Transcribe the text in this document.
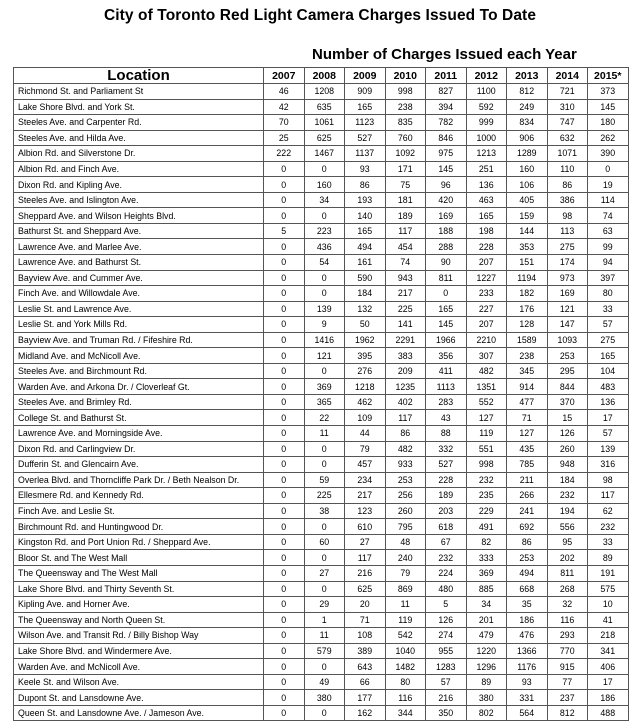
City of Toronto Red Light Camera Charges Issued To Date
Number of Charges Issued each Year
Location	2007	2008	2009	2010	2011	2012	2013	2014	2015*
Richmond St. and Parliament St	46	1208	909	998	827	1100	812	721	373
Lake Shore Blvd. and York St.	42	635	165	238	394	592	249	310	145
Steeles Ave. and Carpenter Rd.	70	1061	1123	835	782	999	834	747	180
Steeles Ave. and Hilda Ave.	25	625	527	760	846	1000	906	632	262
Albion Rd. and Silverstone Dr.	222	1467	1137	1092	975	1213	1289	1071	390
Albion Rd. and Finch Ave.	0	0	93	171	145	251	160	110	0
Dixon Rd. and Kipling Ave.	0	160	86	75	96	136	106	86	19
Steeles Ave. and Islington Ave.	0	34	193	181	420	463	405	386	114
Sheppard Ave. and Wilson Heights Blvd.	0	0	140	189	169	165	159	98	74
Bathurst St. and Sheppard Ave.	5	223	165	117	188	198	144	113	63
Lawrence Ave. and Marlee Ave.	0	436	494	454	288	228	353	275	99
Lawrence Ave. and Bathurst St.	0	54	161	74	90	207	151	174	94
Bayview Ave. and Cummer Ave.	0	0	590	943	811	1227	1194	973	397
Finch Ave. and Willowdale Ave.	0	0	184	217	0	233	182	169	80
Leslie St. and Lawrence Ave.	0	139	132	225	165	227	176	121	33
Leslie St. and York Mills Rd.	0	9	50	141	145	207	128	147	57
Bayview Ave. and Truman Rd. / Fifeshire Rd.	0	1416	1962	2291	1966	2210	1589	1093	275
Midland Ave. and McNicoll Ave.	0	121	395	383	356	307	238	253	165
Steeles Ave. and Birchmount Rd.	0	0	276	209	411	482	345	295	104
Warden Ave. and Arkona Dr. / Cloverleaf Gt.	0	369	1218	1235	1113	1351	914	844	483
Steeles Ave. and Brimley Rd.	0	365	462	402	283	552	477	370	136
College St. and Bathurst St.	0	22	109	117	43	127	71	15	17
Lawrence Ave. and Morningside Ave.	0	11	44	86	88	119	127	126	57
Dixon Rd. and Carlingview Dr.	0	0	79	482	332	551	435	260	139
Dufferin St. and Glencairn Ave.	0	0	457	933	527	998	785	948	316
Overlea Blvd. and Thorncliffe Park Dr. / Beth Nealson Dr.	0	59	234	253	228	232	211	184	98
Ellesmere Rd. and Kennedy Rd.	0	225	217	256	189	235	266	232	117
Finch Ave. and Leslie St.	0	38	123	260	203	229	241	194	62
Birchmount Rd. and Huntingwood Dr.	0	0	610	795	618	491	692	556	232
Kingston Rd. and Port Union Rd. / Sheppard Ave.	0	60	27	48	67	82	86	95	33
Bloor St. and The West Mall	0	0	117	240	232	333	253	202	89
The Queensway and The West Mall	0	27	216	79	224	369	494	811	191
Lake Shore Blvd. and Thirty Seventh St.	0	0	625	869	480	885	668	268	575
Kipling Ave. and Horner Ave.	0	29	20	11	5	34	35	32	10
The Queensway and North Queen St.	0	1	71	119	126	201	186	116	41
Wilson Ave. and Transit Rd. / Billy Bishop Way	0	11	108	542	274	479	476	293	218
Lake Shore Blvd. and Windermere Ave.	0	579	389	1040	955	1220	1366	770	341
Warden Ave. and McNicoll Ave.	0	0	643	1482	1283	1296	1176	915	406
Keele St. and Wilson Ave.	0	49	66	80	57	89	93	77	17
Dupont St. and Lansdowne Ave.	0	380	177	116	216	380	331	237	186
Queen St. and Lansdowne Ave. / Jameson Ave.	0	0	162	344	350	802	564	812	488
